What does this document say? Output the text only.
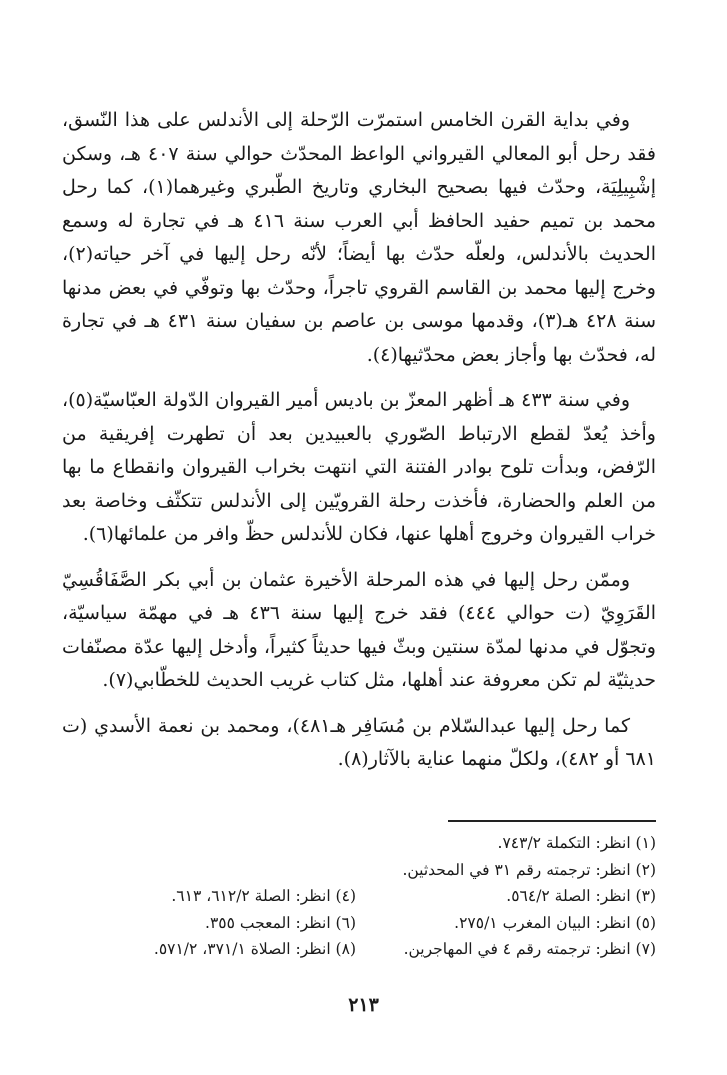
وفي بداية القرن الخامس استمرّت الرّحلة إلى الأندلس على هذا النّسق، فقد رحل أبو المعالي القيرواني الواعظ المحدّث حوالي سنة ٤٠٧ هـ، وسكن إشْبِيلِيَة، وحدّث فيها بصحيح البخاري وتاريخ الطّبري وغيرهما(١)، كما رحل محمد بن تميم حفيد الحافظ أبي العرب سنة ٤١٦ هـ في تجارة له وسمع الحديث بالأندلس، ولعلّه حدّث بها أيضاً؛ لأنّه رحل إليها في آخر حياته(٢)، وخرج إليها محمد بن القاسم القروي تاجراً، وحدّث بها وتوفّي في بعض مدنها سنة ٤٢٨ هـ(٣)، وقدمها موسى بن عاصم بن سفيان سنة ٤٣١ هـ في تجارة له، فحدّث بها وأجاز بعض محدّثيها(٤).

وفي سنة ٤٣٣ هـ أظهر المعزّ بن باديس أمير القيروان الدّولة العبّاسيّة(٥)، وأخذ يُعدّ لقطع الارتباط الصّوري بالعبيدين بعد أن تطهرت إفريقية من الرّفض، وبدأت تلوح بوادر الفتنة التي انتهت بخراب القيروان وانقطاع ما بها من العلم والحضارة، فأخذت رحلة القرويّين إلى الأندلس تتكثّف وخاصة بعد خراب القيروان وخروج أهلها عنها، فكان للأندلس حظّ وافر من علمائها(٦).

وممّن رحل إليها في هذه المرحلة الأخيرة عثمان بن أبي بكر الصَّفَاقُسِيّ القَرَوِيّ (ت حوالي ٤٤٤) فقد خرج إليها سنة ٤٣٦ هـ في مهمّة سياسيّة، وتجوّل في مدنها لمدّة سنتين وبثّ فيها حديثاً كثيراً، وأدخل إليها عدّة مصنّفات حديثيّة لم تكن معروفة عند أهلها، مثل كتاب غريب الحديث للخطّابي(٧).

كما رحل إليها عبدالسّلام بن مُسَافِر هـ٤٨١)، ومحمد بن نعمة الأسدي (ت ٦٨١ أو ٤٨٢)، ولكلّ منهما عناية بالآثار(٨).

(١) انظر: التكملة ٧٤٣/٢.
(٢) انظر: ترجمته رقم ٣١ في المحدثين.
(٣) انظر: الصلة ٥٦٤/٢.
(٤) انظر: الصلة ٦١٢/٢، ٦١٣.
(٥) انظر: البيان المغرب ٢٧٥/١.
(٦) انظر: المعجب ٣٥٥.
(٧) انظر: ترجمته رقم ٤ في المهاجرين.
(٨) انظر: الصلاة ٣٧١/١، ٥٧١/٢.
٢١٣
